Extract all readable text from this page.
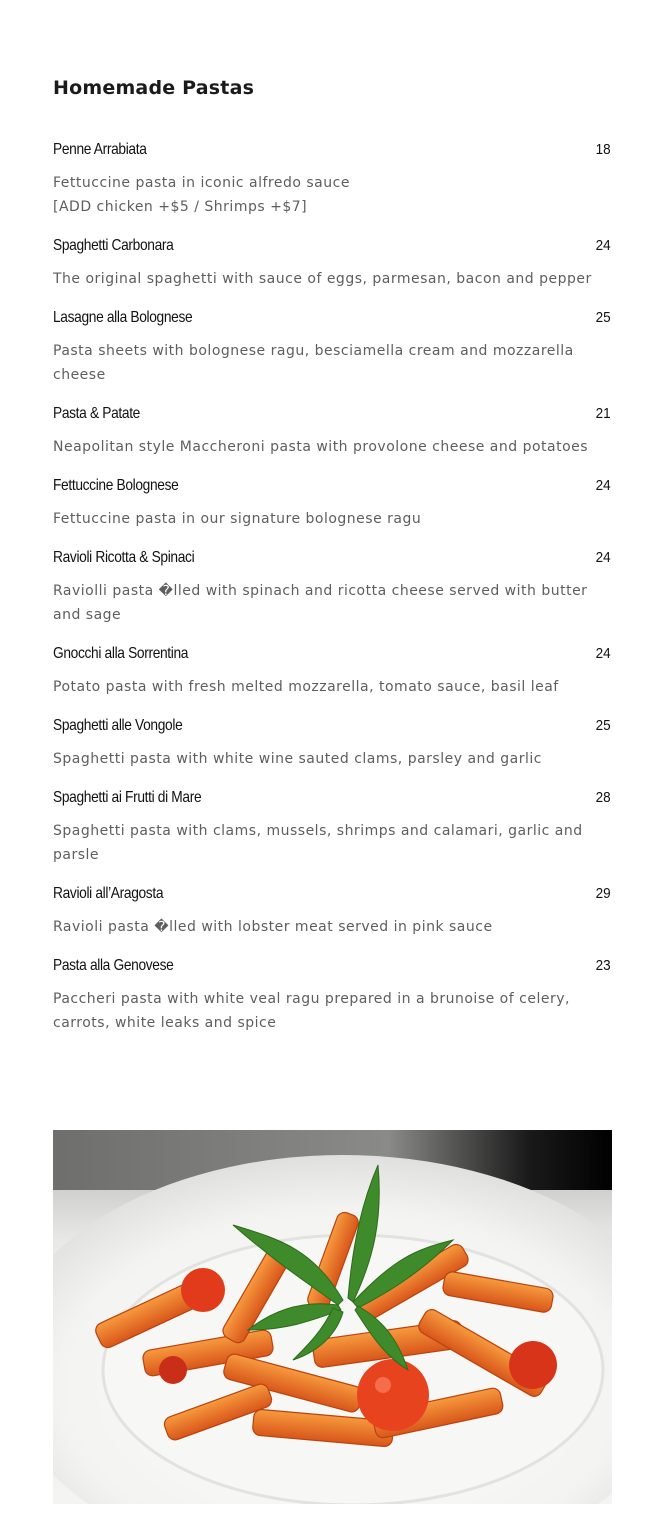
Homemade Pastas
Penne Arrabiata	18
Fettuccine pasta in iconic alfredo sauce
[ADD chicken +$5 / Shrimps +$7]
Spaghetti Carbonara	24
The original spaghetti with sauce of eggs, parmesan, bacon and pepper
Lasagne alla Bolognese	25
Pasta sheets with bolognese ragu, besciamella cream and mozzarella cheese
Pasta & Patate	21
Neapolitan style Maccheroni pasta with provolone cheese and potatoes
Fettuccine Bolognese	24
Fettuccine pasta in our signature bolognese ragu
Ravioli Ricotta & Spinaci	24
Raviolli pasta �lled with spinach and ricotta cheese served with butter and sage
Gnocchi alla Sorrentina	24
Potato pasta with fresh melted mozzarella, tomato sauce, basil leaf
Spaghetti alle Vongole	25
Spaghetti pasta with white wine sauted clams, parsley and garlic
Spaghetti ai Frutti di Mare	28
Spaghetti pasta with clams, mussels, shrimps and calamari, garlic and parsle
Ravioli all’Aragosta	29
Ravioli pasta �lled with lobster meat served in pink sauce
Pasta alla Genovese	23
Paccheri pasta with white veal ragu prepared in a brunoise of celery, carrots, white leaks and spice
